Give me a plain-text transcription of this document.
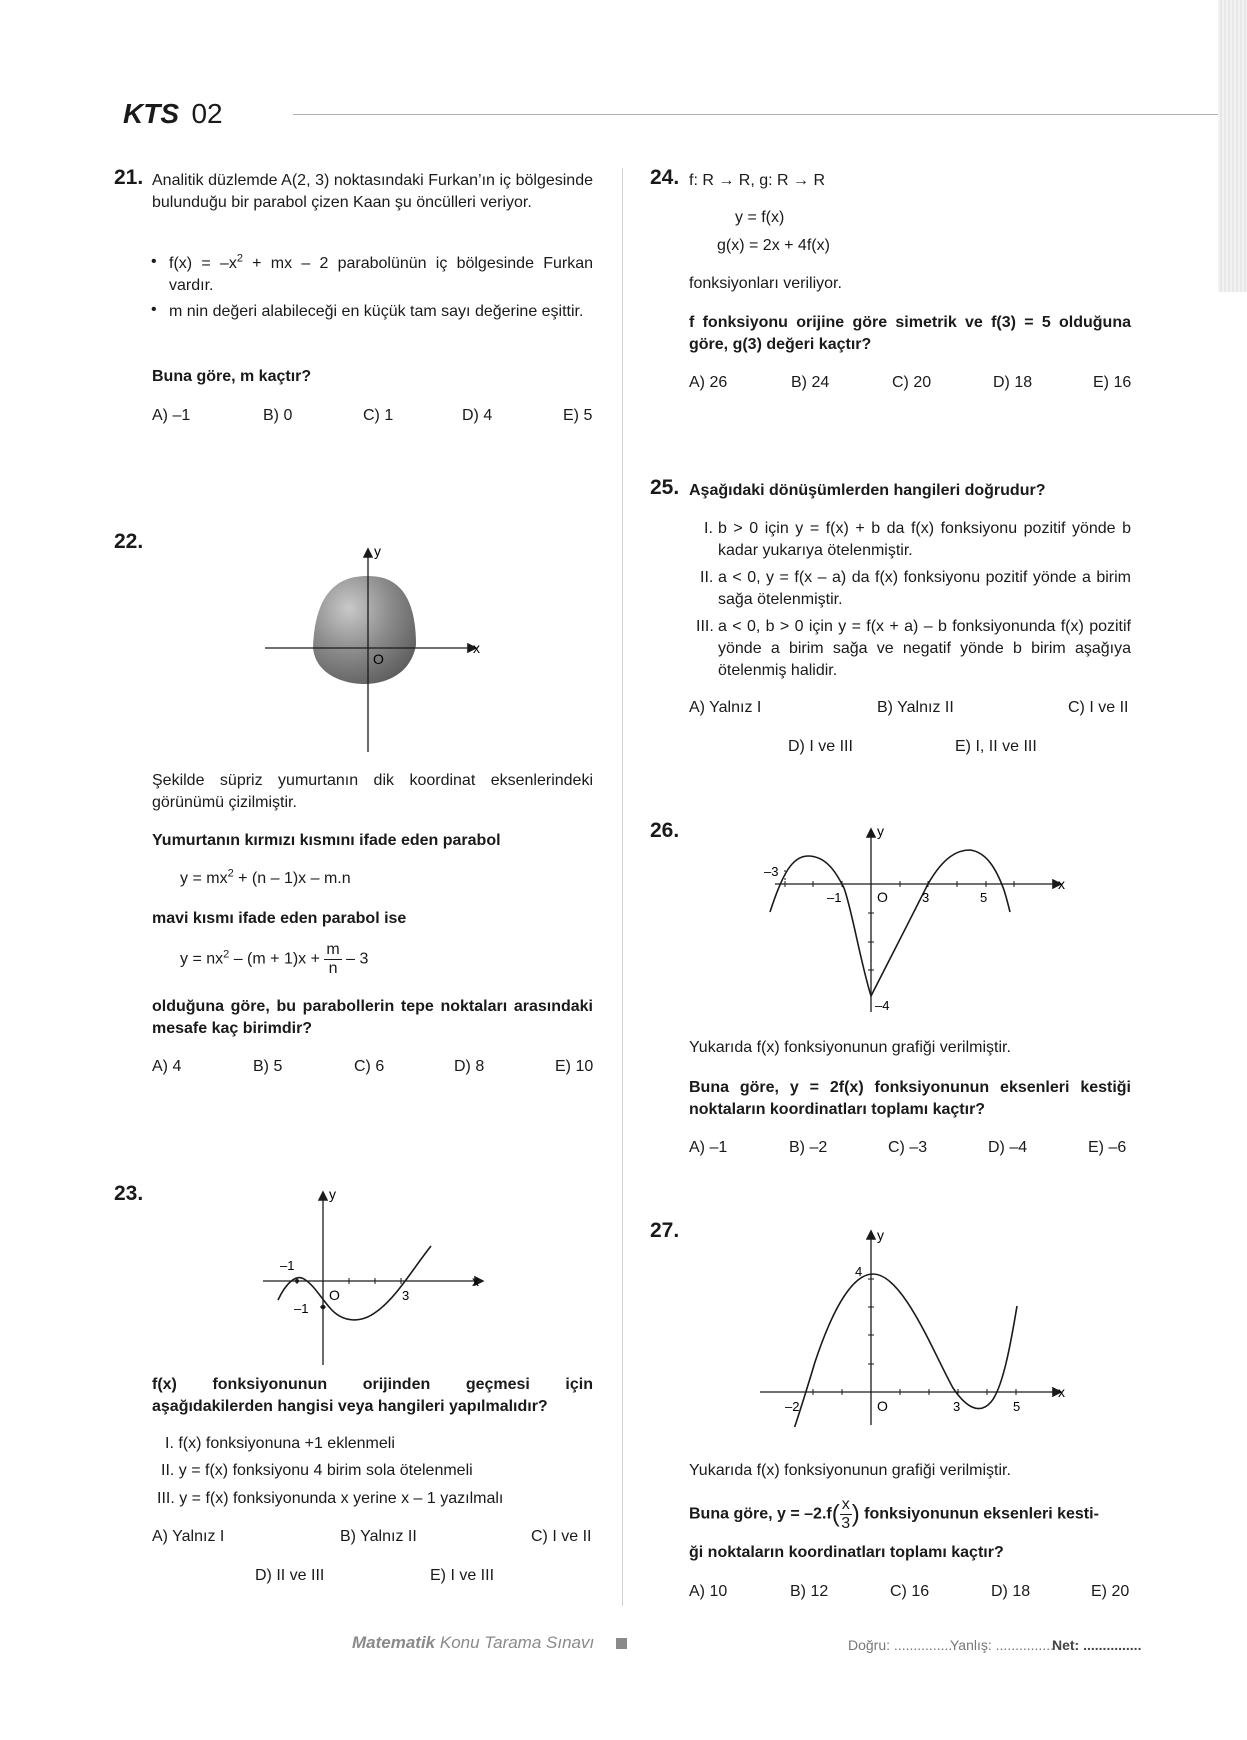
KTS 02
21. Analitik düzlemde A(2, 3) noktasındaki Furkan’ın iç bölgesinde bulunduğu bir parabol çizen Kaan şu öncülleri veriyor.
• $f(x) = -x^2$ + mx – 2 parabolünün iç bölgesinde Furkan vardır.
• m nin değeri alabileceği en küçük tam sayı değerine eşittir.
Buna göre, m kaçtır?
A) –1	B) 0	C) 1	D) 4	E) 5
22.	y
x
O
Şekilde süpriz yumurtanın dik koordinat eksenlerindeki görünümü çizilmiştir.
Yumurtanın kırmızı kısmını ifade eden parabol
$y = mx^2 + (n - 1)x - m.n$
mavi kısmı ifade eden parabol ise
$y = nx^2 - (m + 1)x + \frac{m}{n} - 3$
olduğuna göre, bu parabollerin tepe noktaları arasındaki mesafe kaç birimdir?
A) 4	B) 5	C) 6	D) 8	E) 10
23.	y
x
O
–1
–1
3
f(x) fonksiyonunun orijinden geçmesi için aşağıdakilerden hangisi veya hangileri yapılmalıdır?
I. f(x) fonksiyonuna +1 eklenmeli
II. y = f(x) fonksiyonu 4 birim sola ötelenmeli
III. y = f(x) fonksiyonunda x yerine x – 1 yazılmalı
A) Yalnız I	B) Yalnız II	C) I ve II
D) II ve III	E) I ve III
24. f: R → R, g: R → R
y = f(x)
g(x) = 2x + 4f(x)
fonksiyonları veriliyor.
f fonksiyonu orijine göre simetrik ve f(3) = 5 olduğuna göre, g(3) değeri kaçtır?
A) 26	B) 24	C) 20	D) 18	E) 16
25. Aşağıdaki dönüşümlerden hangileri doğrudur?
I. b > 0 için y = f(x) + b da f(x) fonksiyonu pozitif yönde b kadar yukarıya ötelenmiştir.
II. a < 0, y = f(x – a) da f(x) fonksiyonu pozitif yönde a birim sağa ötelenmiştir.
III. a < 0, b > 0 için y = f(x + a) – b fonksiyonunda f(x) pozitif yönde a birim sağa ve negatif yönde b birim aşağıya ötelenmiş halidir.
A) Yalnız I	B) Yalnız II	C) I ve II
D) I ve III	E) I, II ve III
26.	y
x
O
–3
–1	3	5
–4
Yukarıda f(x) fonksiyonunun grafiği verilmiştir.
Buna göre, y = 2f(x) fonksiyonunun eksenleri kestiği noktaların koordinatları toplamı kaçtır?
A) –1	B) –2	C) –3	D) –4	E) –6
27.	y
x
O
4
–2	3	5
Yukarıda f(x) fonksiyonunun grafiği verilmiştir.
Buna göre, $y = -2.f( \frac{x}{3}$ ) fonksiyonunun eksenleri kesti-
ği noktaların koordinatları toplamı kaçtır?
A) 10	B) 12	C) 16	D) 18	E) 20
Matematik Konu Tarama Sınavı	Doğru: ...............
Yanlış: ...............
Net: ...............
